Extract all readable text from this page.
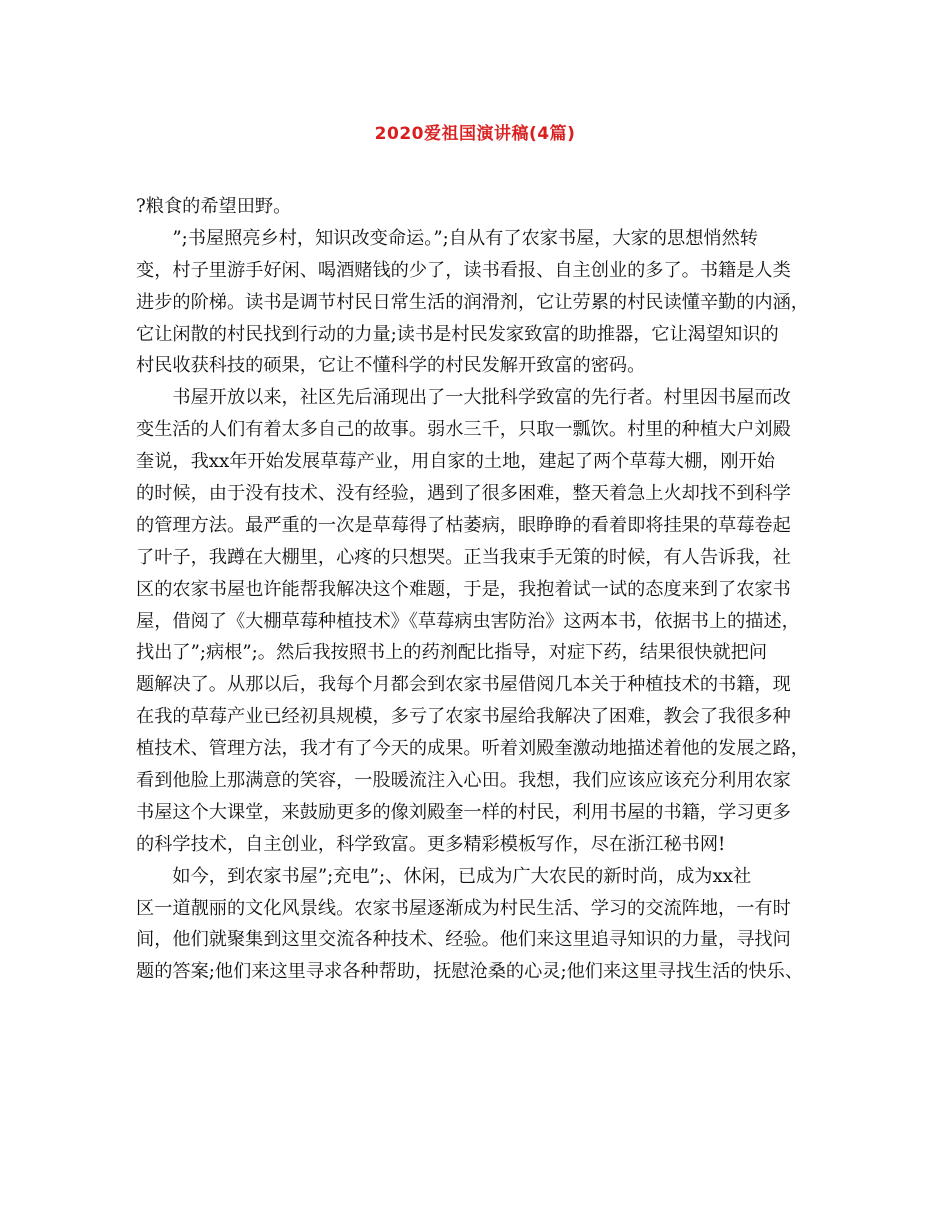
2020爱祖国演讲稿(4篇)
?粮食的希望田野。
　　”;书屋照亮乡村，知识改变命运。”;自从有了农家书屋，大家的思想悄然转
变，村子里游手好闲、喝酒赌钱的少了，读书看报、自主创业的多了。书籍是人类
进步的阶梯。读书是调节村民日常生活的润滑剂，它让劳累的村民读懂辛勤的内涵，
它让闲散的村民找到行动的力量;读书是村民发家致富的助推器，它让渴望知识的
村民收获科技的硕果，它让不懂科学的村民发解开致富的密码。
　　书屋开放以来，社区先后涌现出了一大批科学致富的先行者。村里因书屋而改
变生活的人们有着太多自己的故事。弱水三千，只取一瓢饮。村里的种植大户刘殿
奎说，我xx年开始发展草莓产业，用自家的土地，建起了两个草莓大棚，刚开始
的时候，由于没有技术、没有经验，遇到了很多困难，整天着急上火却找不到科学
的管理方法。最严重的一次是草莓得了枯萎病，眼睁睁的看着即将挂果的草莓卷起
了叶子，我蹲在大棚里，心疼的只想哭。正当我束手无策的时候，有人告诉我，社
区的农家书屋也许能帮我解决这个难题，于是，我抱着试一试的态度来到了农家书
屋，借阅了《大棚草莓种植技术》《草莓病虫害防治》这两本书，依据书上的描述，
找出了”;病根”;。然后我按照书上的药剂配比指导，对症下药，结果很快就把问
题解决了。从那以后，我每个月都会到农家书屋借阅几本关于种植技术的书籍，现
在我的草莓产业已经初具规模，多亏了农家书屋给我解决了困难，教会了我很多种
植技术、管理方法，我才有了今天的成果。听着刘殿奎激动地描述着他的发展之路，
看到他脸上那满意的笑容，一股暖流注入心田。我想，我们应该应该充分利用农家
书屋这个大课堂，来鼓励更多的像刘殿奎一样的村民，利用书屋的书籍，学习更多
的科学技术，自主创业，科学致富。更多精彩模板写作，尽在浙江秘书网!
　　如今，到农家书屋”;充电”;、休闲，已成为广大农民的新时尚，成为xx社
区一道靓丽的文化风景线。农家书屋逐渐成为村民生活、学习的交流阵地，一有时
间，他们就聚集到这里交流各种技术、经验。他们来这里追寻知识的力量，寻找问
题的答案;他们来这里寻求各种帮助，抚慰沧桑的心灵;他们来这里寻找生活的快乐、
